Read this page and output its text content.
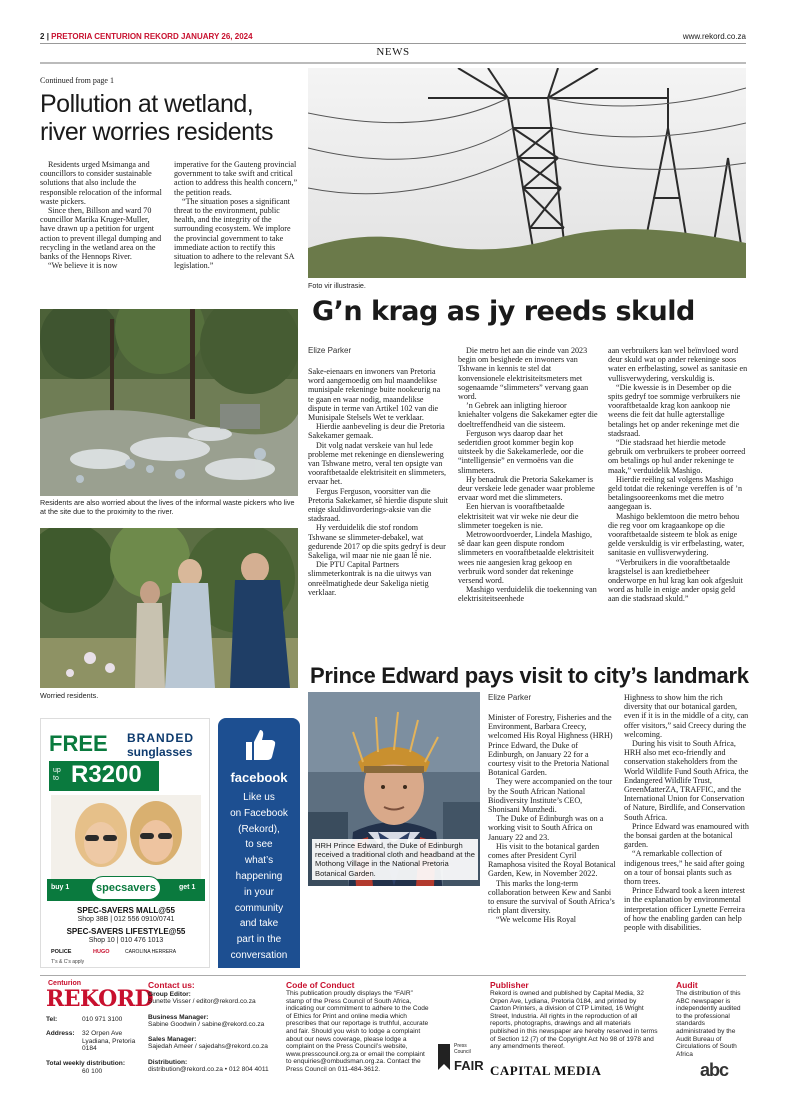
2 | PRETORIA CENTURION REKORD JANUARY 26, 2024	www.rekord.co.za
NEWS
Continued from page 1
Pollution at wetland, river worries residents

Residents urged Msimanga and councillors to consider sustainable solutions that also include the responsible relocation of the informal waste pickers.

Since then, Billson and ward 70 councillor Marika Kruger-Muller, have drawn up a petition for urgent action to prevent illegal dumping and recycling in the wetland area on the banks of the Hennops River.

“We believe it is now

imperative for the Gauteng provincial government to take swift and critical action to address this health concern,” the petition reads.

“The situation poses a significant threat to the environment, public health, and the integrity of the surrounding ecosystem. We implore the provincial government to take immediate action to rectify this situation to adhere to the relevant SA legislation.”

Residents are also worried about the lives of the informal waste pickers who live at the site due to the proximity to the river.
Worried residents.
Foto vir illustrasie.
G’n krag as jy reeds skuld
Elize Parker

Sake-eienaars en inwoners van Pretoria word aangemoedig om hul maandelikse munisipale rekeninge buite nookeurig na te gaan en waar nodig, maandelikse dispute in terme van Artikel 102 van die Munisipale Stelsels Wet te verklaar.

Hierdie aanbeveling is deur die Pretoria Sakekamer gemaak.

Dit volg nadat verskeie van hul lede probleme met rekeninge en dienslewering van Tshwane metro, veral ten opsigte van vooraftbetaalde elektrisiteit en slimmeters, ervaar het.

Fergus Ferguson, voorsitter van die Pretoria Sakekamer, sê hierdie dispute sluit enige skuldinvorderings-aksie van die stadsraad.

Hy verduidelik die stof rondom Tshwane se slimmeter-debakel, wat gedurende 2017 op die spits gedryf is deur Sakeliga, wil maar nie nie gaan lê nie.

Die PTU Capital Partners slimmeterkontrak is na die uitwys van onreëlmatighede deur Sakeliga nietig verklaar.

Die metro het aan die einde van 2023 begin om besighede en inwoners van Tshwane in kennis te stel dat konvensionele elektrisiteitsmeters met sogenaamde “slimmeters” vervang gaan word.

’n Gebrek aan inligting hieroor kniehalter volgens die Sakekamer egter die doeltreffendheid van die sisteem.

Ferguson wys daarop daar het sedertdien groot kommer begin kop uitsteek by die Sakekamerlede, oor die “intelligensie” en vermoëns van die slimmeters.

Hy benadruk die Pretoria Sakekamer is deur verskeie lede genader waar probleme ervaar word met die slimmeters.

Een hiervan is vooraftbetaalde elektrisiteit wat vir weke nie deur die slimmeter toegeken is nie.

Metrowoordvoerder, Lindela Mashigo, sê daar kan geen dispute rondom slimmeters en vooraftbetaalde elektrisiteit wees nie aangesien krag gekoop en verbruik word sonder dat rekeninge versend word.

Mashigo verduidelik die toekenning van elektrisiteitseenhede

aan verbruikers kan wel beïnvloed word deur skuld wat op ander rekeninge soos water en erfbelasting, sowel as sanitasie en vullisverwydering, verskuldig is.

“Die kwessie is in Desember op die spits gedryf toe sommige verbruikers nie vooraftbetaalde krag kon aankoop nie weens die feit dat hulle agterstallige betalings het op ander rekeninge met die stadsraad.

“Die stadsraad het hierdie metode gebruik om verbruikers te probeer oorreed om betalings op hul ander rekeninge te maak,” verduidelik Mashigo.

Hierdie reëling sal volgens Mashigo geld totdat die rekeninge vereffen is of ’n betalingsooreenkoms met die metro aangegaan is.

Mashigo beklemtoon die metro behou die reg voor om kragaankope op die vooraftbetaalde sisteem te blok as enige gelde verskuldig is vir erfbelasting, water, sanitasie en vullisverwydering.

“Verbruikers in die vooraftbetaalde kragstelsel is aan kredietbeheer onderworpe en hul krag kan ook afgesluit word as hulle in enige ander opsig geld aan die stadsraad skuld.”

Prince Edward pays visit to city’s landmark
HRH Prince Edward, the Duke of Edinburgh received a traditional cloth and headband at the Mothong Village in the National Pretoria Botanical Garden.
Elize Parker

Minister of Forestry, Fisheries and the Environment, Barbara Creecy, welcomed His Royal Highness (HRH) Prince Edward, the Duke of Edinburgh, on January 22 for a courtesy visit to the Pretoria National Botanical Garden.

They were accompanied on the tour by the South African National Biodiversity Institute’s CEO, Shonisani Munzhedi.

The Duke of Edinburgh was on a working visit to South Africa on January 22 and 23.

His visit to the botanical garden comes after President Cyril Ramaphosa visited the Royal Botanical Garden, Kew, in November 2022.

This marks the long-term collaboration between Kew and Sanbi to ensure the survival of South Africa’s rich plant diversity.

“We welcome His Royal

Highness to show him the rich diversity that our botanical garden, even if it is in the middle of a city, can offer visitors,” said Creecy during the welcoming.

During his visit to South Africa, HRH also met eco-friendly and conservation stakeholders from the World Wildlife Fund South Africa, the Endangered Wildlife Trust, GreenMatterZA, TRAFFIC, and the International Union for Conservation of Nature, Birdlife, and Conservation South Africa.

Prince Edward was enamoured with the bonsai garden at the botanical garden.

“A remarkable collection of indigenous trees,” he said after going on a tour of bonsai plants such as thorn trees.

Prince Edward took a keen interest in the explanation by environmental interpretation officer Lynette Ferreira of how the enabling garden can help people with disabilities.

FREE BRANDED
sunglasses
up to R3200
buy 1 specsavers	get 1
SPEC-SAVERS MALL@55
Shop 38B | 012 556 0910/0741
SPEC-SAVERS LIFESTYLE@55
Shop 10 | 010 476 1013
POLICE	HUGO	CAROLINA HERRERA
T’s & C’s apply
facebook
Like us
on Facebook
(Rekord),
to see
what’s
happening
in your
community
and take
part in the
conversation
Centurion
REKORD
Tel:	010 971 3100
Address: 32 Orpen Ave Lyadiana, Pretoria 0184
Total weekly distribution:
60 100
Contact us:
Group Editor:
Sunette Visser / editor@rekord.co.za
Business Manager:
Sabine Goodwin / sabine@rekord.co.za
Sales Manager:
Sajedah Ameer / sajedahs@rekord.co.za
Distribution:
distribution@rekord.co.za • 012 804 4011
Code of Conduct
This publication proudly displays the “FAIR” stamp of the Press Council of South Africa, indicating our commitment to adhere to the Code of Ethics for Print and online media which prescribes that our reportage is truthful, accurate and fair. Should you wish to lodge a complaint about our news coverage, please lodge a complaint on the Press Council’s website, www.presscouncil.org.za or email the complaint to enquiries@ombudsman.org.za. Contact the Press Council on 011-484-3612.
Press Council
FAIR
Publisher
Rekord is owned and published by Capital Media, 32 Orpen Ave, Lydiana, Pretoria 0184, and printed by Caxton Printers, a division of CTP Limited, 16 Wright Street, Industria. All rights in the reproduction of all reports, photographs, drawings and all materials published in this newspaper are hereby reserved in terms of Section 12 (7) of the Copyright Act No 98 of 1978 and any amendments thereof.
CAPITAL MEDIA
Audit
The distribution of this ABC newspaper is independently audited to the professional standards administrated by the Audit Bureau of Circulations of South Africa
abc
